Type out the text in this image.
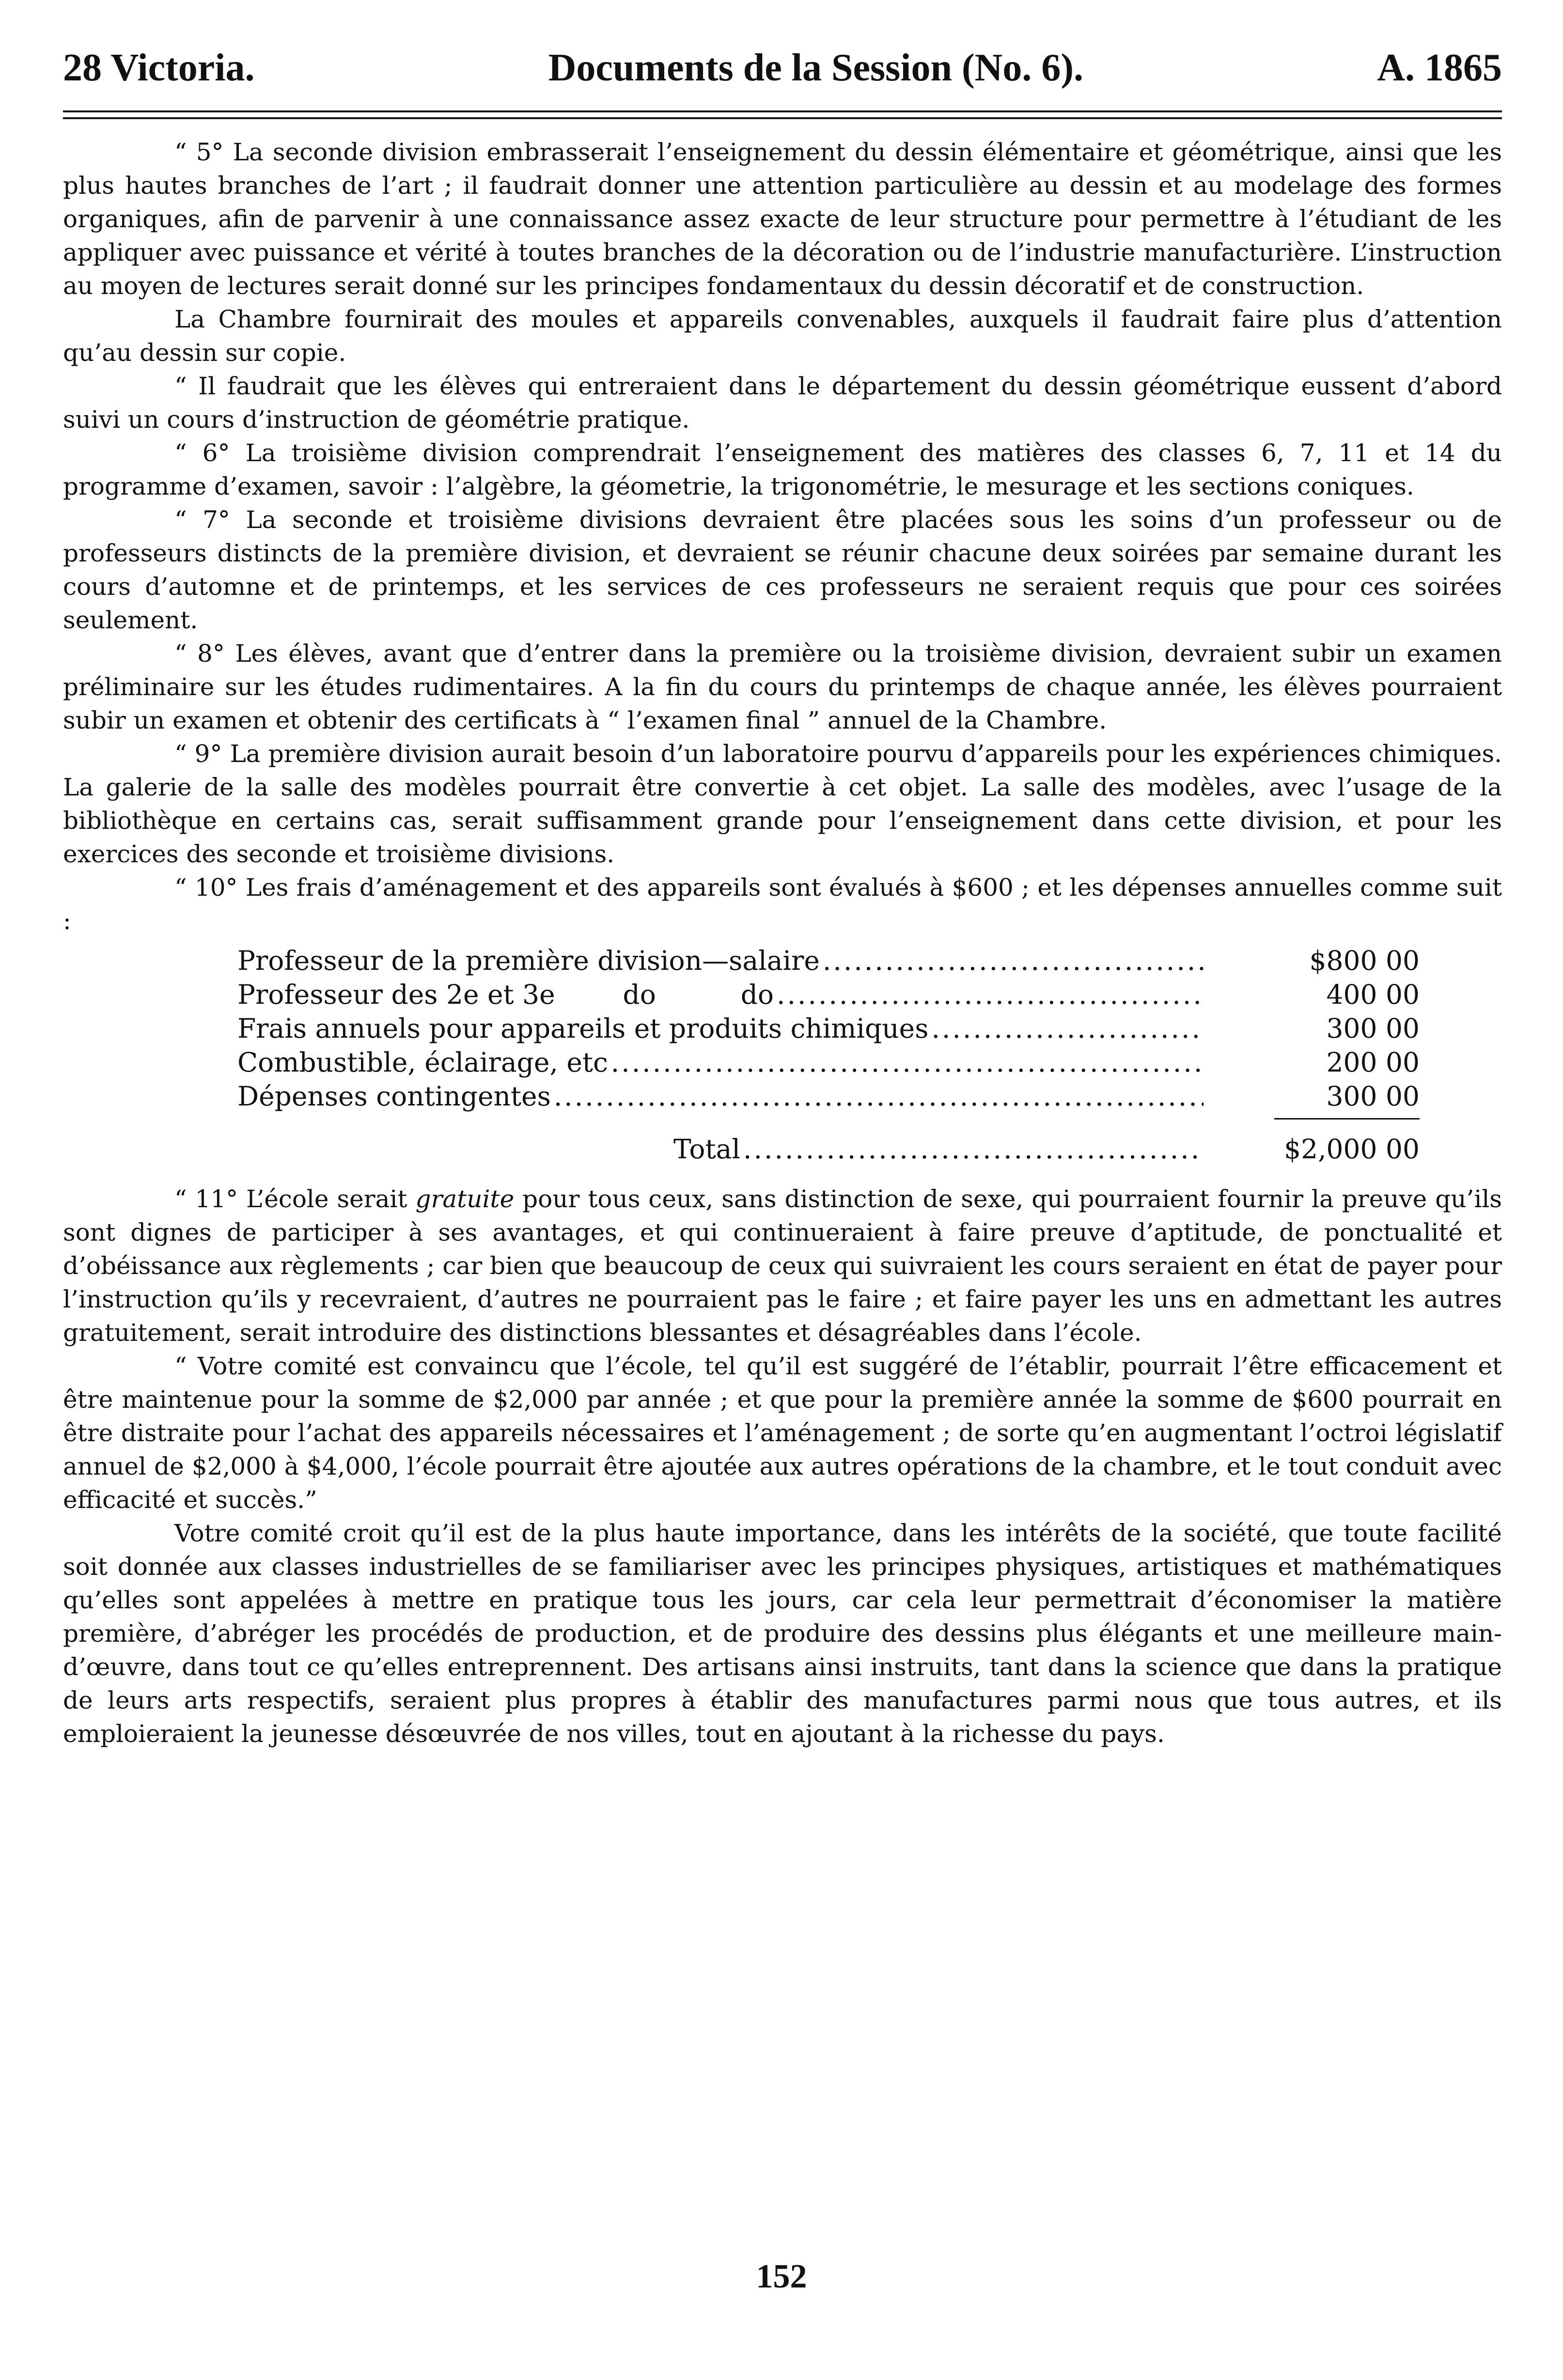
28 Victoria.	Documents de la Session (No. 6).	A. 1865

“ 5° La seconde division embrasserait l’enseignement du dessin élémentaire et géométrique, ainsi que les plus hautes branches de l’art ; il faudrait donner une attention particulière au dessin et au modelage des formes organiques, afin de parvenir à une connaissance assez exacte de leur structure pour permettre à l’étudiant de les appliquer avec puissance et vérité à toutes branches de la décoration ou de l’industrie manufacturière. L’instruction au moyen de lectures serait donné sur les principes fondamentaux du dessin décoratif et de construction.

La Chambre fournirait des moules et appareils convenables, auxquels il faudrait faire plus d’attention qu’au dessin sur copie.

“ Il faudrait que les élèves qui entreraient dans le département du dessin géométrique eussent d’abord suivi un cours d’instruction de géométrie pratique.

“ 6° La troisième division comprendrait l’enseignement des matières des classes 6, 7, 11 et 14 du programme d’examen, savoir : l’algèbre, la géometrie, la trigonométrie, le mesurage et les sections coniques.

“ 7° La seconde et troisième divisions devraient être placées sous les soins d’un professeur ou de professeurs distincts de la première division, et devraient se réunir chacune deux soirées par semaine durant les cours d’automne et de printemps, et les services de ces professeurs ne seraient requis que pour ces soirées seulement.

“ 8° Les élèves, avant que d’entrer dans la première ou la troisième division, devraient subir un examen préliminaire sur les études rudimentaires. A la fin du cours du printemps de chaque année, les élèves pourraient subir un examen et obtenir des certificats à “ l’examen final ” annuel de la Chambre.

“ 9° La première division aurait besoin d’un laboratoire pourvu d’appareils pour les expériences chimiques. La galerie de la salle des modèles pourrait être convertie à cet objet. La salle des modèles, avec l’usage de la bibliothèque en certains cas, serait suffisamment grande pour l’enseignement dans cette division, et pour les exercices des seconde et troisième divisions.

“ 10° Les frais d’aménagement et des appareils sont évalués à $600 ; et les dépenses annuelles comme suit :

Professeur de la première division—salaire .....	$800 00
Professeur des 2e et 3e        do          do .....	400 00
Frais annuels pour appareils et produits chimiques .....	300 00
Combustible, éclairage, etc .....	200 00
Dépenses contingentes .....	300 00
Total .....	$2,000 00

“ 11° L’école serait gratuite pour tous ceux, sans distinction de sexe, qui pourraient fournir la preuve qu’ils sont dignes de participer à ses avantages, et qui continueraient à faire preuve d’aptitude, de ponctualité et d’obéissance aux règlements ; car bien que beaucoup de ceux qui suivraient les cours seraient en état de payer pour l’instruction qu’ils y recevraient, d’autres ne pourraient pas le faire ; et faire payer les uns en admettant les autres gratuitement, serait introduire des distinctions blessantes et désagréables dans l’école.

“ Votre comité est convaincu que l’école, tel qu’il est suggéré de l’établir, pourrait l’être efficacement et être maintenue pour la somme de $2,000 par année ; et que pour la première année la somme de $600 pourrait en être distraite pour l’achat des appareils nécessaires et l’aménagement ; de sorte qu’en augmentant l’octroi législatif annuel de $2,000 à $4,000, l’école pourrait être ajoutée aux autres opérations de la chambre, et le tout conduit avec efficacité et succès.”

Votre comité croit qu’il est de la plus haute importance, dans les intérêts de la société, que toute facilité soit donnée aux classes industrielles de se familiariser avec les principes physiques, artistiques et mathématiques qu’elles sont appelées à mettre en pratique tous les jours, car cela leur permettrait d’économiser la matière première, d’abréger les procédés de production, et de produire des dessins plus élégants et une meilleure main-d’œuvre, dans tout ce qu’elles entreprennent. Des artisans ainsi instruits, tant dans la science que dans la pratique de leurs arts respectifs, seraient plus propres à établir des manufactures parmi nous que tous autres, et ils emploieraient la jeunesse désœuvrée de nos villes, tout en ajoutant à la richesse du pays.

152
